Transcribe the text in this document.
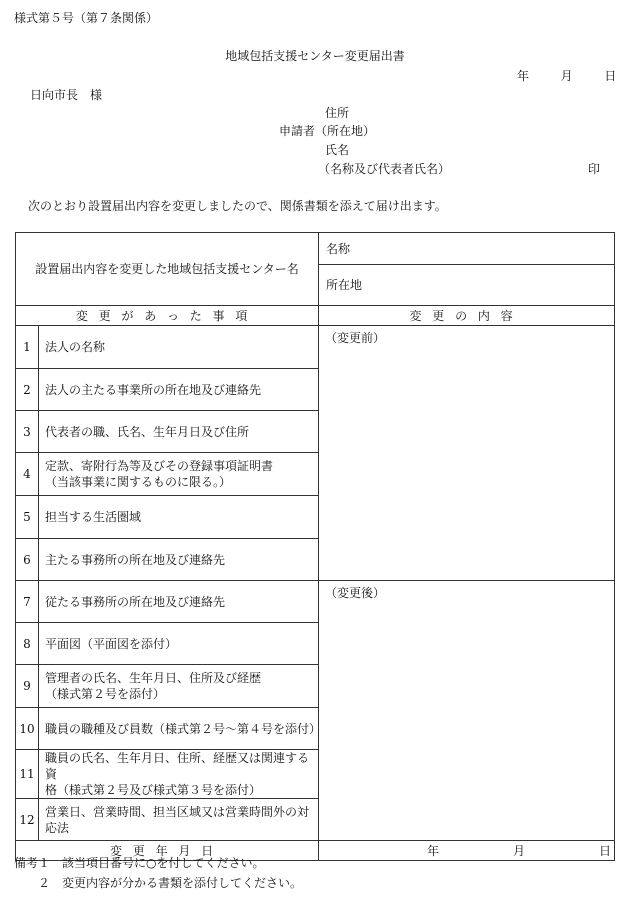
様式第５号（第７条関係）
地域包括支援センター変更届出書
年	月	日
日向市長　様
住所
申請者（所在地）
氏名
（名称及び代表者氏名）	印
次のとおり設置届出内容を変更しましたので、関係書類を添えて届け出ます。
設置届出内容を変更した地域包括支援センター名		名称
		所在地
変更があった事項		変更の内容
1	法人の名称	（変更前）
2	法人の主たる事業所の所在地及び連絡先	
3	代表者の職、氏名、生年月日及び住所	
4	定款、寄附行為等及びその登録事項証明書
（当該事業に関するものに限る。）	

5	担当する生活圏域	
6	主たる事務所の所在地及び連絡先	
7	従たる事務所の所在地及び連絡先	（変更後）
8	平面図（平面図を添付）	
9	管理者の氏名、生年月日、住所及び経歴
（様式第２号を添付）	

10	職員の職種及び員数（様式第２号～第４号を添付）	
11	職員の氏名、生年月日、住所、経歴又は関連する資
格（様式第２号及び様式第３号を添付）	

12	営業日、営業時間、担当区域又は営業時間外の対応法	
変更年月日		年 月 日
備考１　該当項目番号に○を付してください。
２　変更内容が分かる書類を添付してください。
